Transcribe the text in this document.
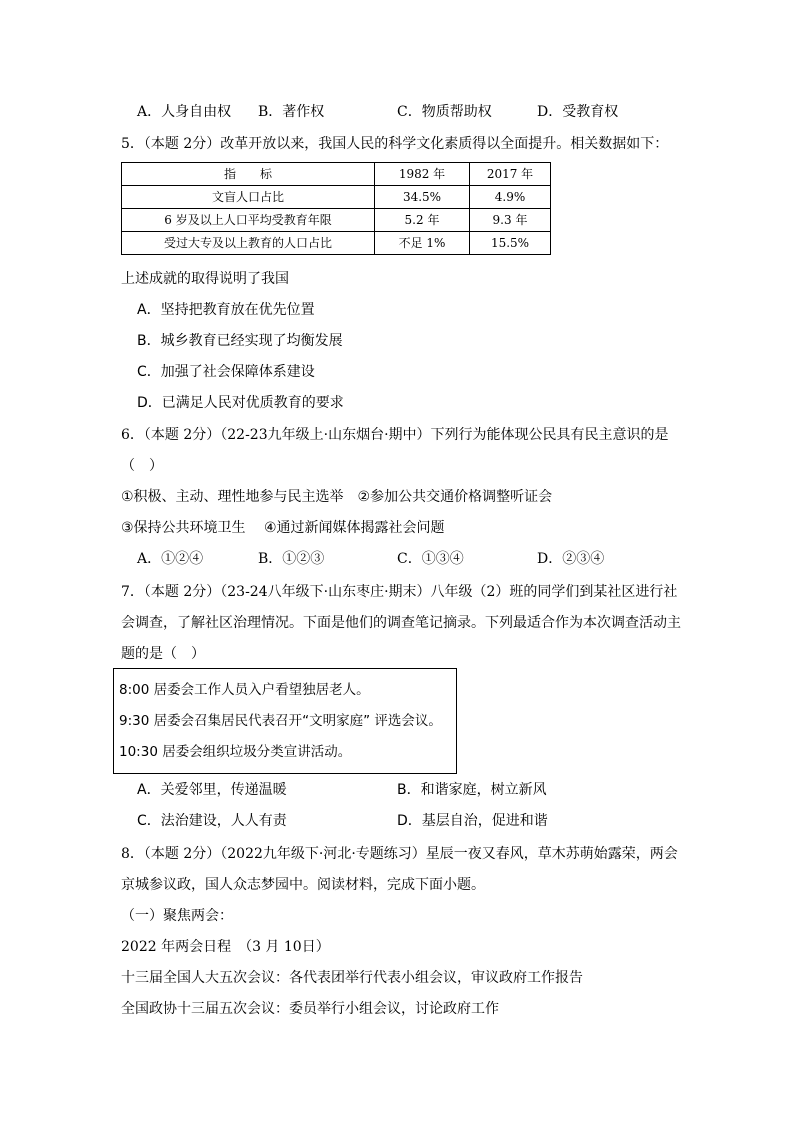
A．人身自由权 B．著作权	C．物质帮助权	D．受教育权
5．（本题 2分）改革开放以来，我国人民的科学文化素质得以全面提升。相关数据如下：
指　　标	1982 年	2017 年
文盲人口占比	34.5%	4.9%
6 岁及以上人口平均受教育年限	5.2 年	9.3 年
受过大专及以上教育的人口占比	不足 1%	15.5%
上述成就的取得说明了我国
A．坚持把教育放在优先位置
B．城乡教育已经实现了均衡发展
C．加强了社会保障体系建设
D．已满足人民对优质教育的要求
6．（本题 2分）（22-23九年级上·山东烟台·期中）下列行为能体现公民具有民主意识的是
（　）
①积极、主动、理性地参与民主选举　②参加公共交通价格调整听证会
③保持公共环境卫生　 ④通过新闻媒体揭露社会问题
A．①②④	B．①②③	C．①③④	D．②③④
7．（本题 2分）（23-24八年级下·山东枣庄·期末）八年级（2）班的同学们到某社区进行社
会调查，了解社区治理情况。下面是他们的调查笔记摘录。下列最适合作为本次调查活动主
题的是（　）
8:00 居委会工作人员入户看望独居老人。
9:30 居委会召集居民代表召开“文明家庭” 评选会议。
10:30 居委会组织垃圾分类宣讲活动。
A．关爱邻里，传递温暖	B．和谐家庭，树立新风
C．法治建设，人人有责	D．基层自治，促进和谐
8．（本题 2分）（2022九年级下·河北·专题练习）星辰一夜又春风，草木苏萌始露荣，两会
京城参议政，国人众志梦园中。阅读材料，完成下面小题。
（一）聚焦两会：
2022 年两会日程　（3 月 10日）
十三届全国人大五次会议：各代表团举行代表小组会议，审议政府工作报告
全国政协十三届五次会议：委员举行小组会议，讨论政府工作
